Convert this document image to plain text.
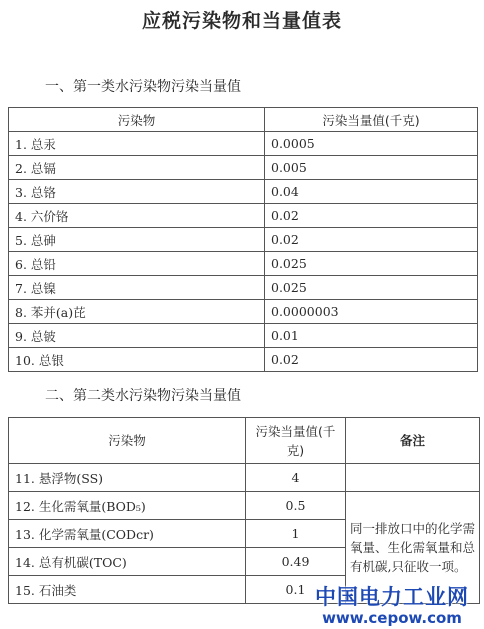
应税污染物和当量值表
一、第一类水污染物污染当量值
污染物	污染当量值(千克)
1. 总汞	0.0005
2. 总镉	0.005
3. 总铬	0.04
4. 六价铬	0.02
5. 总砷	0.02
6. 总铅	0.025
7. 总镍	0.025
8. 苯并(a)芘	0.0000003
9. 总铍	0.01
10. 总银	0.02
二、第二类水污染物污染当量值
污染物	污染当量值(千克)	备注
11. 悬浮物(SS)	4	
12. 生化需氧量(BOD₅)	0.5	同一排放口中的化学需氧量、生化需氧量和总有机碳,只征收一项。
13. 化学需氧量(CODcr)	1	
14. 总有机碳(TOC)	0.49	
15. 石油类	0.1	中国电力工业网
www.cepow.com
